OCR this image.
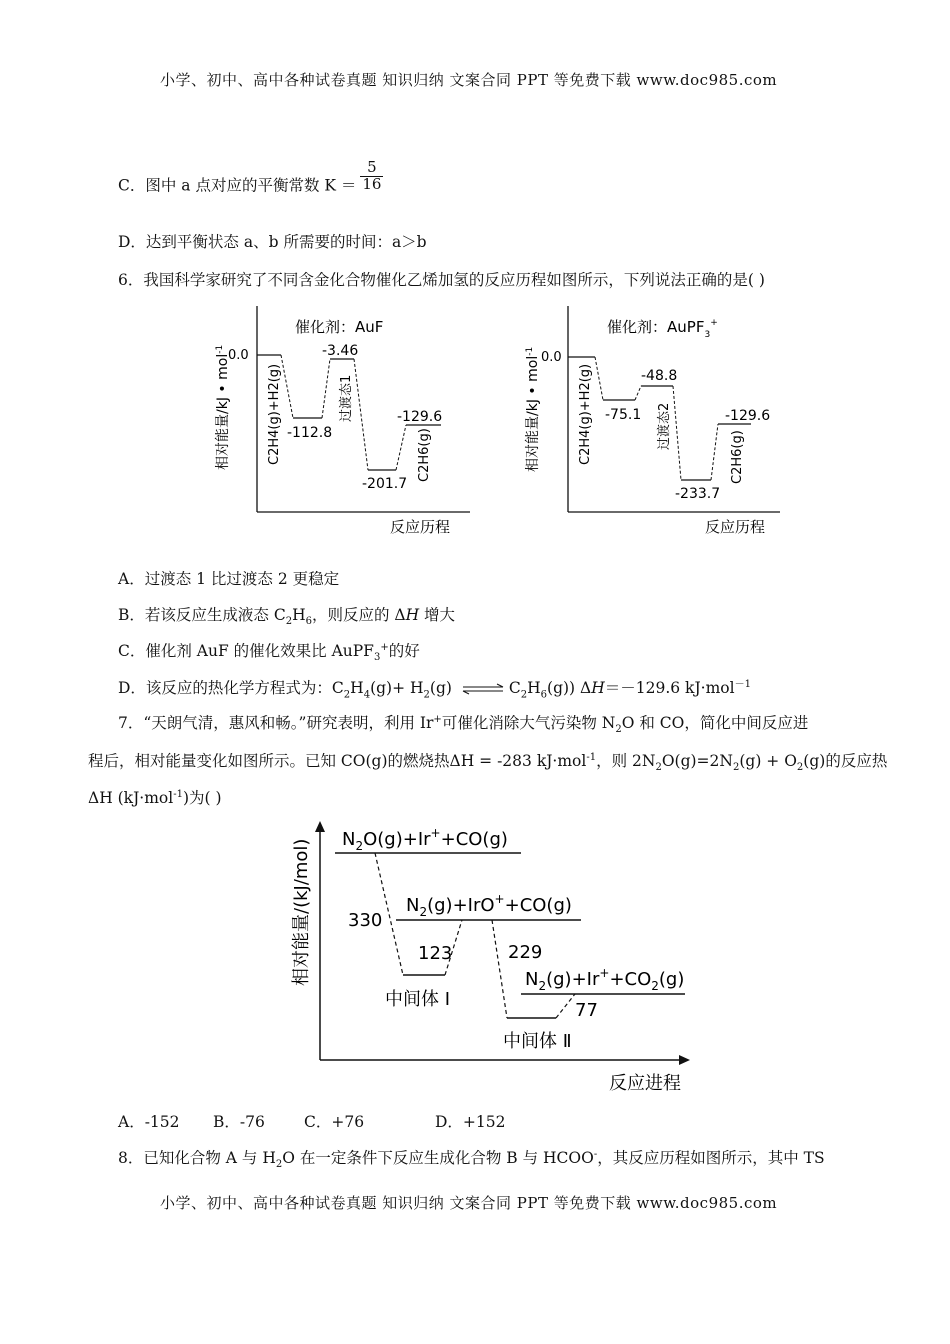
小学、初中、高中各种试卷真题 知识归纳 文案合同 PPT 等免费下载 www.doc985.com
C．图中 a 点对应的平衡常数 $K = \frac{5}{16}$
D．达到平衡状态 a、b 所需要的时间：a＞b
6．我国科学家研究了不同含金化合物催化乙烯加氢的反应历程如图所示，下列说法正确的是( )
催化剂：AuF
0.0
相对能量/kJ • mol$^{-1}$
反应历程
C2H4(g)+H2(g)	过渡态1
C2H6(g)
-112.8
-3.46
-201.7
-129.6
催化剂：AuPF$_3$+
0.0
相对能量/kJ • mol$^{-1}$
反应历程
C2H4(g)+H2(g)	过渡态2
C2H6(g)
-75.1
-48.8
-233.7
-129.6
A．过渡态 1 比过渡态 2 更稳定
B．若该反应生成液态 $C_2H_6$，则反应的 ΔH 增大
C．催化剂 AuF 的催化效果比 AuPF$_3$+的好
D．该反应的热化学方程式为：$C_2H_4(g)+ H_2(g)$ ⇌ $C_2H_6(g)$) ΔH＝－129.6 kJ·mol$^{-1}$
7．“天朗气清，惠风和畅。”研究表明，利用 Ir+可催化消除大气污染物 $N_2O$ 和 CO，简化中间反应进
程后，相对能量变化如图所示。已知 CO(g)的燃烧热ΔH = -283 kJ·mol$^{-1}$，则 $2N_2O(g)=2N_2(g) + O_2(g)$的反应热
ΔH (kJ·mol$^{-1}$)为( )
相对能量/(kJ/mol)
反应进程
$N_2O(g)+Ir^++CO(g)$
$N_2(g)+IrO^++CO(g)$
$N_2(g)+Ir^++CO_2(g)$
中间体 Ⅰ
中间体 Ⅱ
330
123	229
77
A．-152 B．-76	C．+76	D．+152
8．已知化合物 A 与 $H_2O$ 在一定条件下反应生成化合物 B 与 HCOO-，其反应历程如图所示，其中 TS
小学、初中、高中各种试卷真题 知识归纳 文案合同 PPT 等免费下载 www.doc985.com
